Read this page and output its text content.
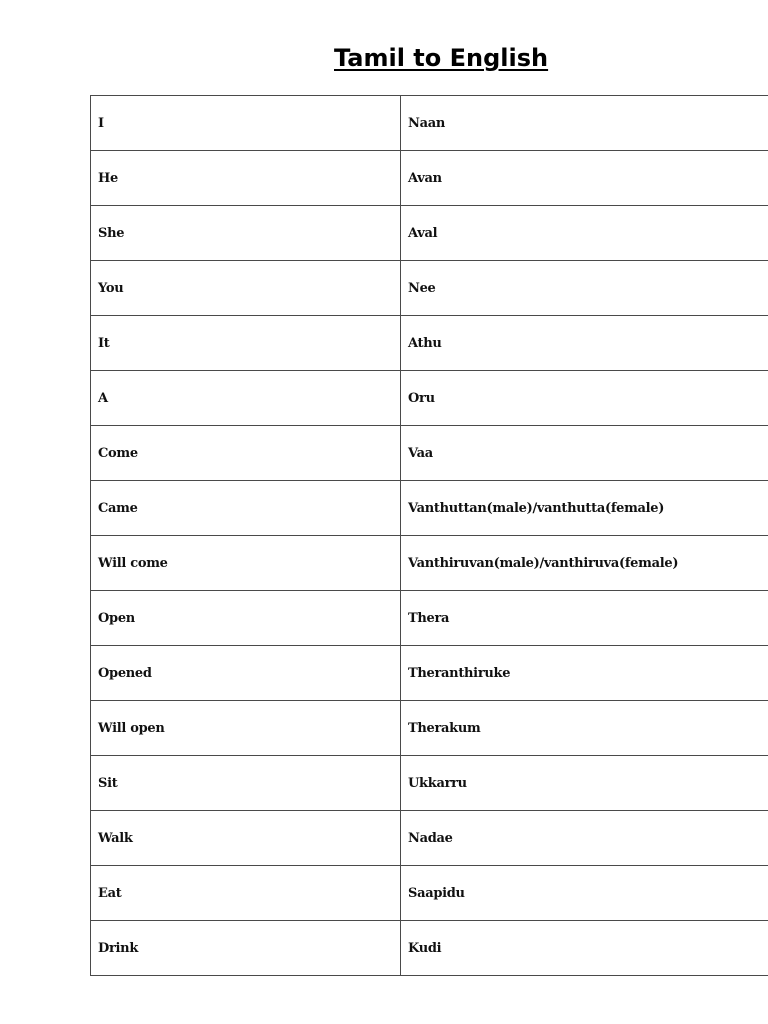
Tamil to English
I	Naan
He	Avan
She	Aval
You	Nee
It	Athu
A	Oru
Come	Vaa
Came	Vanthuttan(male)/vanthutta(female)
Will come	Vanthiruvan(male)/vanthiruva(female)
Open	Thera
Opened	Theranthiruke
Will open	Therakum
Sit	Ukkarru
Walk	Nadae
Eat	Saapidu
Drink	Kudi
